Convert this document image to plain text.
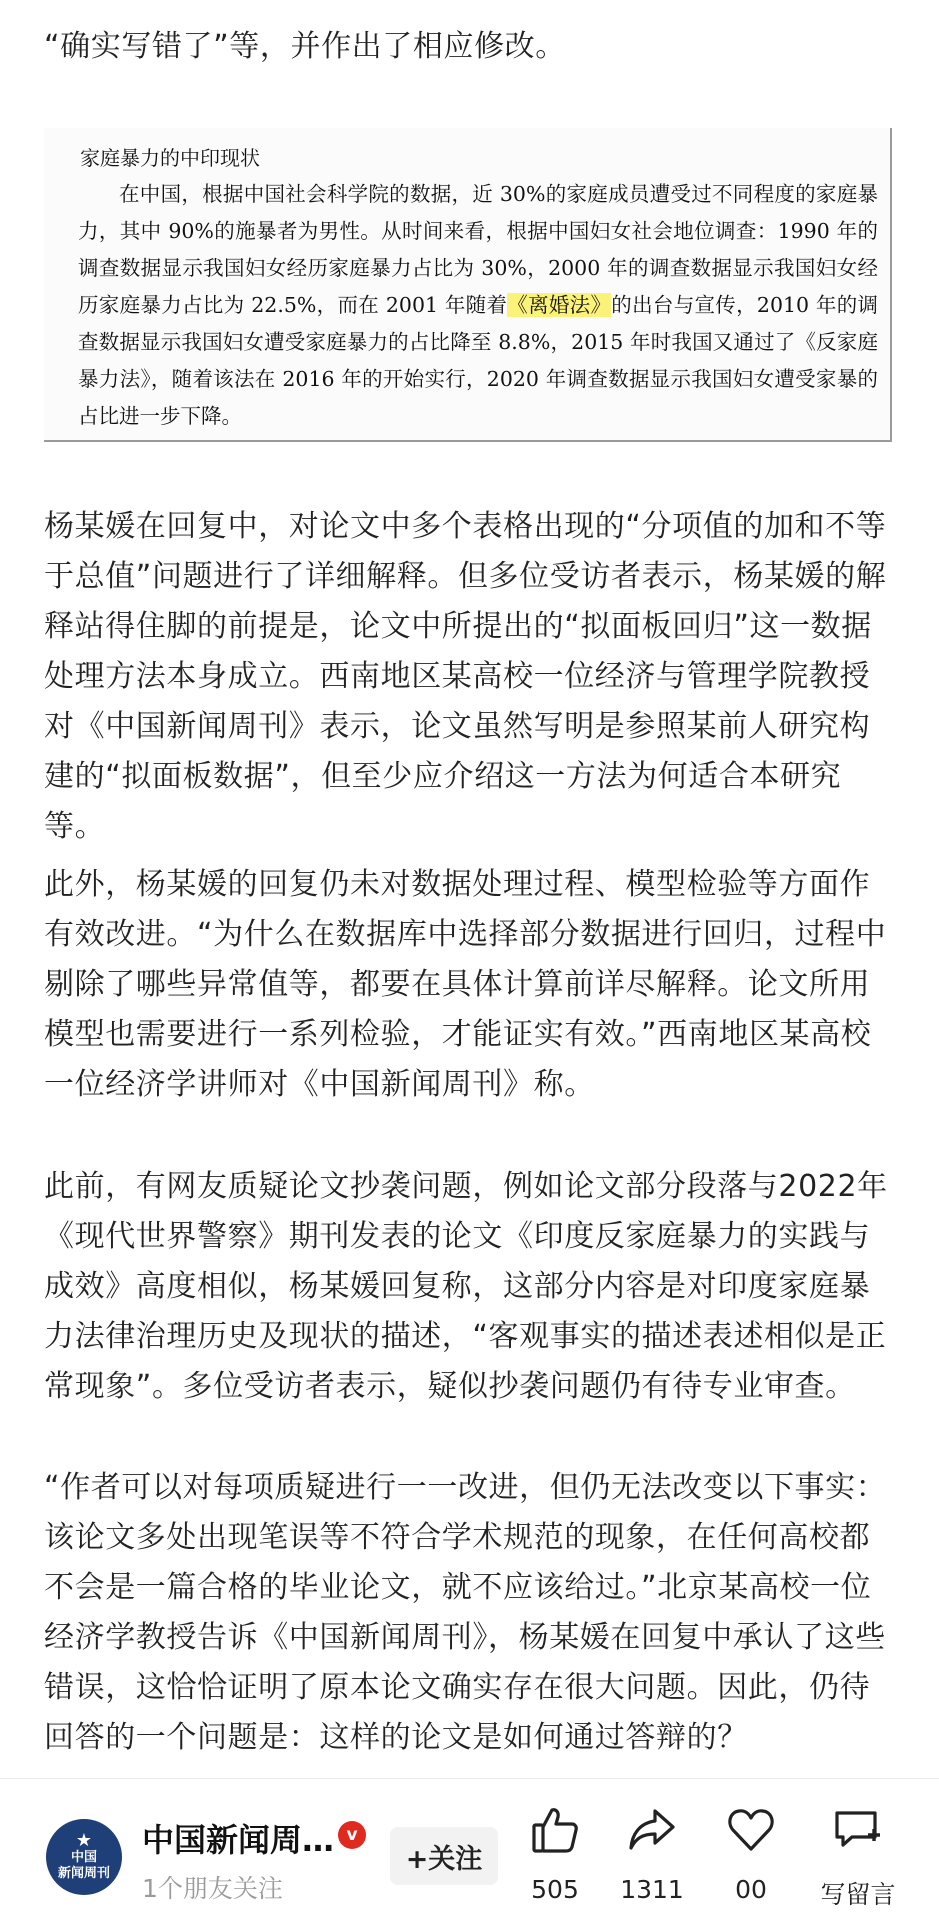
“确实写错了”等，并作出了相应修改。

家庭暴力的中印现状

在中国，根据中国社会科学院的数据，近 30%的家庭成员遭受过不同程度的家庭暴力，其中 90%的施暴者为男性。从时间来看，根据中国妇女社会地位调查：1990 年的调查数据显示我国妇女经历家庭暴力占比为 30%，2000 年的调查数据显示我国妇女经历家庭暴力占比为 22.5%，而在 2001 年随着《离婚法》的出台与宣传，2010 年的调查数据显示我国妇女遭受家庭暴力的占比降至 8.8%，2015 年时我国又通过了《反家庭暴力法》，随着该法在 2016 年的开始实行，2020 年调查数据显示我国妇女遭受家暴的占比进一步下降。

杨某媛在回复中，对论文中多个表格出现的“分项值的加和不等于总值”问题进行了详细解释。但多位受访者表示，杨某媛的解释站得住脚的前提是，论文中所提出的“拟面板回归”这一数据处理方法本身成立。西南地区某高校一位经济与管理学院教授对《中国新闻周刊》表示，论文虽然写明是参照某前人研究构建的“拟面板数据”，但至少应介绍这一方法为何适合本研究等。

此外，杨某媛的回复仍未对数据处理过程、模型检验等方面作有效改进。“为什么在数据库中选择部分数据进行回归，过程中剔除了哪些异常值等，都要在具体计算前详尽解释。论文所用模型也需要进行一系列检验，才能证实有效。”西南地区某高校一位经济学讲师对《中国新闻周刊》称。

此前，有网友质疑论文抄袭问题，例如论文部分段落与2022年《现代世界警察》期刊发表的论文《印度反家庭暴力的实践与成效》高度相似，杨某媛回复称，这部分内容是对印度家庭暴力法律治理历史及现状的描述，“客观事实的描述表述相似是正常现象”。多位受访者表示，疑似抄袭问题仍有待专业审查。

“作者可以对每项质疑进行一一改进，但仍无法改变以下事实：该论文多处出现笔误等不符合学术规范的现象，在任何高校都不会是一篇合格的毕业论文，就不应该给过。”北京某高校一位经济学教授告诉《中国新闻周刊》，杨某媛在回复中承认了这些错误，这恰恰证明了原本论文确实存在很大问题。因此，仍待回答的一个问题是：这样的论文是如何通过答辩的？

★
中国
新闻周刊
中国新闻周… v
1个朋友关注
+关注
505	1311	00	写留言
